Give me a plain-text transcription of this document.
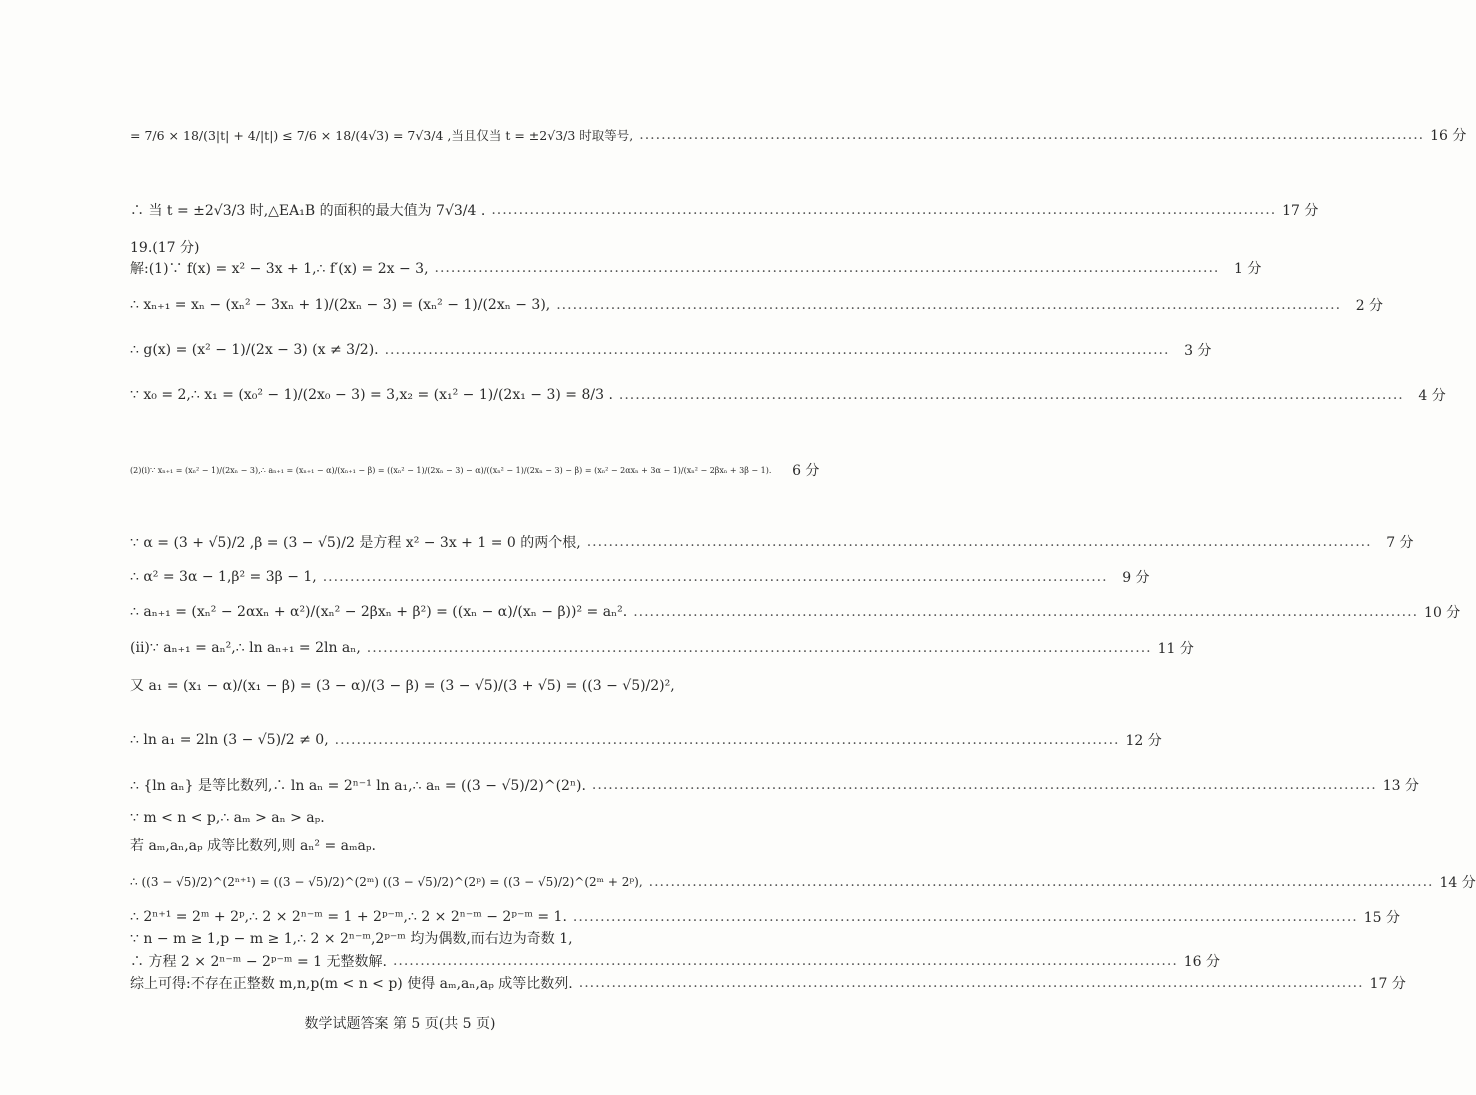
= 7/6 × 18/(3|t| + 4/|t|) ≤ 7/6 × 18/(4√3) = 7√3/4 ,当且仅当 t = ±2√3/3 时取等号, .....	16 分
∴ 当 t = ±2√3/3 时,△EA₁B 的面积的最大值为 7√3/4 . .....	17 分
19.(17 分)
解:(1)∵ f(x) = x² − 3x + 1,∴ f′(x) = 2x − 3, .....	1 分
∴ xₙ₊₁ = xₙ − (xₙ² − 3xₙ + 1)/(2xₙ − 3) = (xₙ² − 1)/(2xₙ − 3), .....	2 分
∴ g(x) = (x² − 1)/(2x − 3) (x ≠ 3/2). .....	3 分
∵ x₀ = 2,∴ x₁ = (x₀² − 1)/(2x₀ − 3) = 3,x₂ = (x₁² − 1)/(2x₁ − 3) = 8/3 . .....	4 分
(2)(i)∵ xₙ₊₁ = (xₙ² − 1)/(2xₙ − 3),∴ aₙ₊₁ = (xₙ₊₁ − α)/(xₙ₊₁ − β) = ((xₙ² − 1)/(2xₙ − 3) − α)/((xₙ² − 1)/(2xₙ − 3) − β) = (xₙ² − 2αxₙ + 3α − 1)/(xₙ² − 2βxₙ + 3β − 1).	6 分
∵ α = (3 + √5)/2 ,β = (3 − √5)/2 是方程 x² − 3x + 1 = 0 的两个根, .....	7 分
∴ α² = 3α − 1,β² = 3β − 1, .....	9 分
∴ aₙ₊₁ = (xₙ² − 2αxₙ + α²)/(xₙ² − 2βxₙ + β²) = ((xₙ − α)/(xₙ − β))² = aₙ². .....	10 分
(ii)∵ aₙ₊₁ = aₙ²,∴ ln aₙ₊₁ = 2ln aₙ, .....	11 分
又 a₁ = (x₁ − α)/(x₁ − β) = (3 − α)/(3 − β) = (3 − √5)/(3 + √5) = ((3 − √5)/2)²,
∴ ln a₁ = 2ln (3 − √5)/2 ≠ 0, .....	12 分
∴ {ln aₙ} 是等比数列,∴ ln aₙ = 2ⁿ⁻¹ ln a₁,∴ aₙ = ((3 − √5)/2)^(2ⁿ). .....	13 分
∵ m < n < p,∴ aₘ > aₙ > aₚ.
若 aₘ,aₙ,aₚ 成等比数列,则 aₙ² = aₘaₚ.
∴ ((3 − √5)/2)^(2ⁿ⁺¹) = ((3 − √5)/2)^(2ᵐ) ((3 − √5)/2)^(2ᵖ) = ((3 − √5)/2)^(2ᵐ + 2ᵖ), .....	14 分
∴ 2ⁿ⁺¹ = 2ᵐ + 2ᵖ,∴ 2 × 2ⁿ⁻ᵐ = 1 + 2ᵖ⁻ᵐ,∴ 2 × 2ⁿ⁻ᵐ − 2ᵖ⁻ᵐ = 1. .....	15 分
∵ n − m ≥ 1,p − m ≥ 1,∴ 2 × 2ⁿ⁻ᵐ,2ᵖ⁻ᵐ 均为偶数,而右边为奇数 1,
∴ 方程 2 × 2ⁿ⁻ᵐ − 2ᵖ⁻ᵐ = 1 无整数解. .....	16 分
综上可得:不存在正整数 m,n,p(m < n < p) 使得 aₘ,aₙ,aₚ 成等比数列. .....	17 分
数学试题答案 第 5 页(共 5 页)
